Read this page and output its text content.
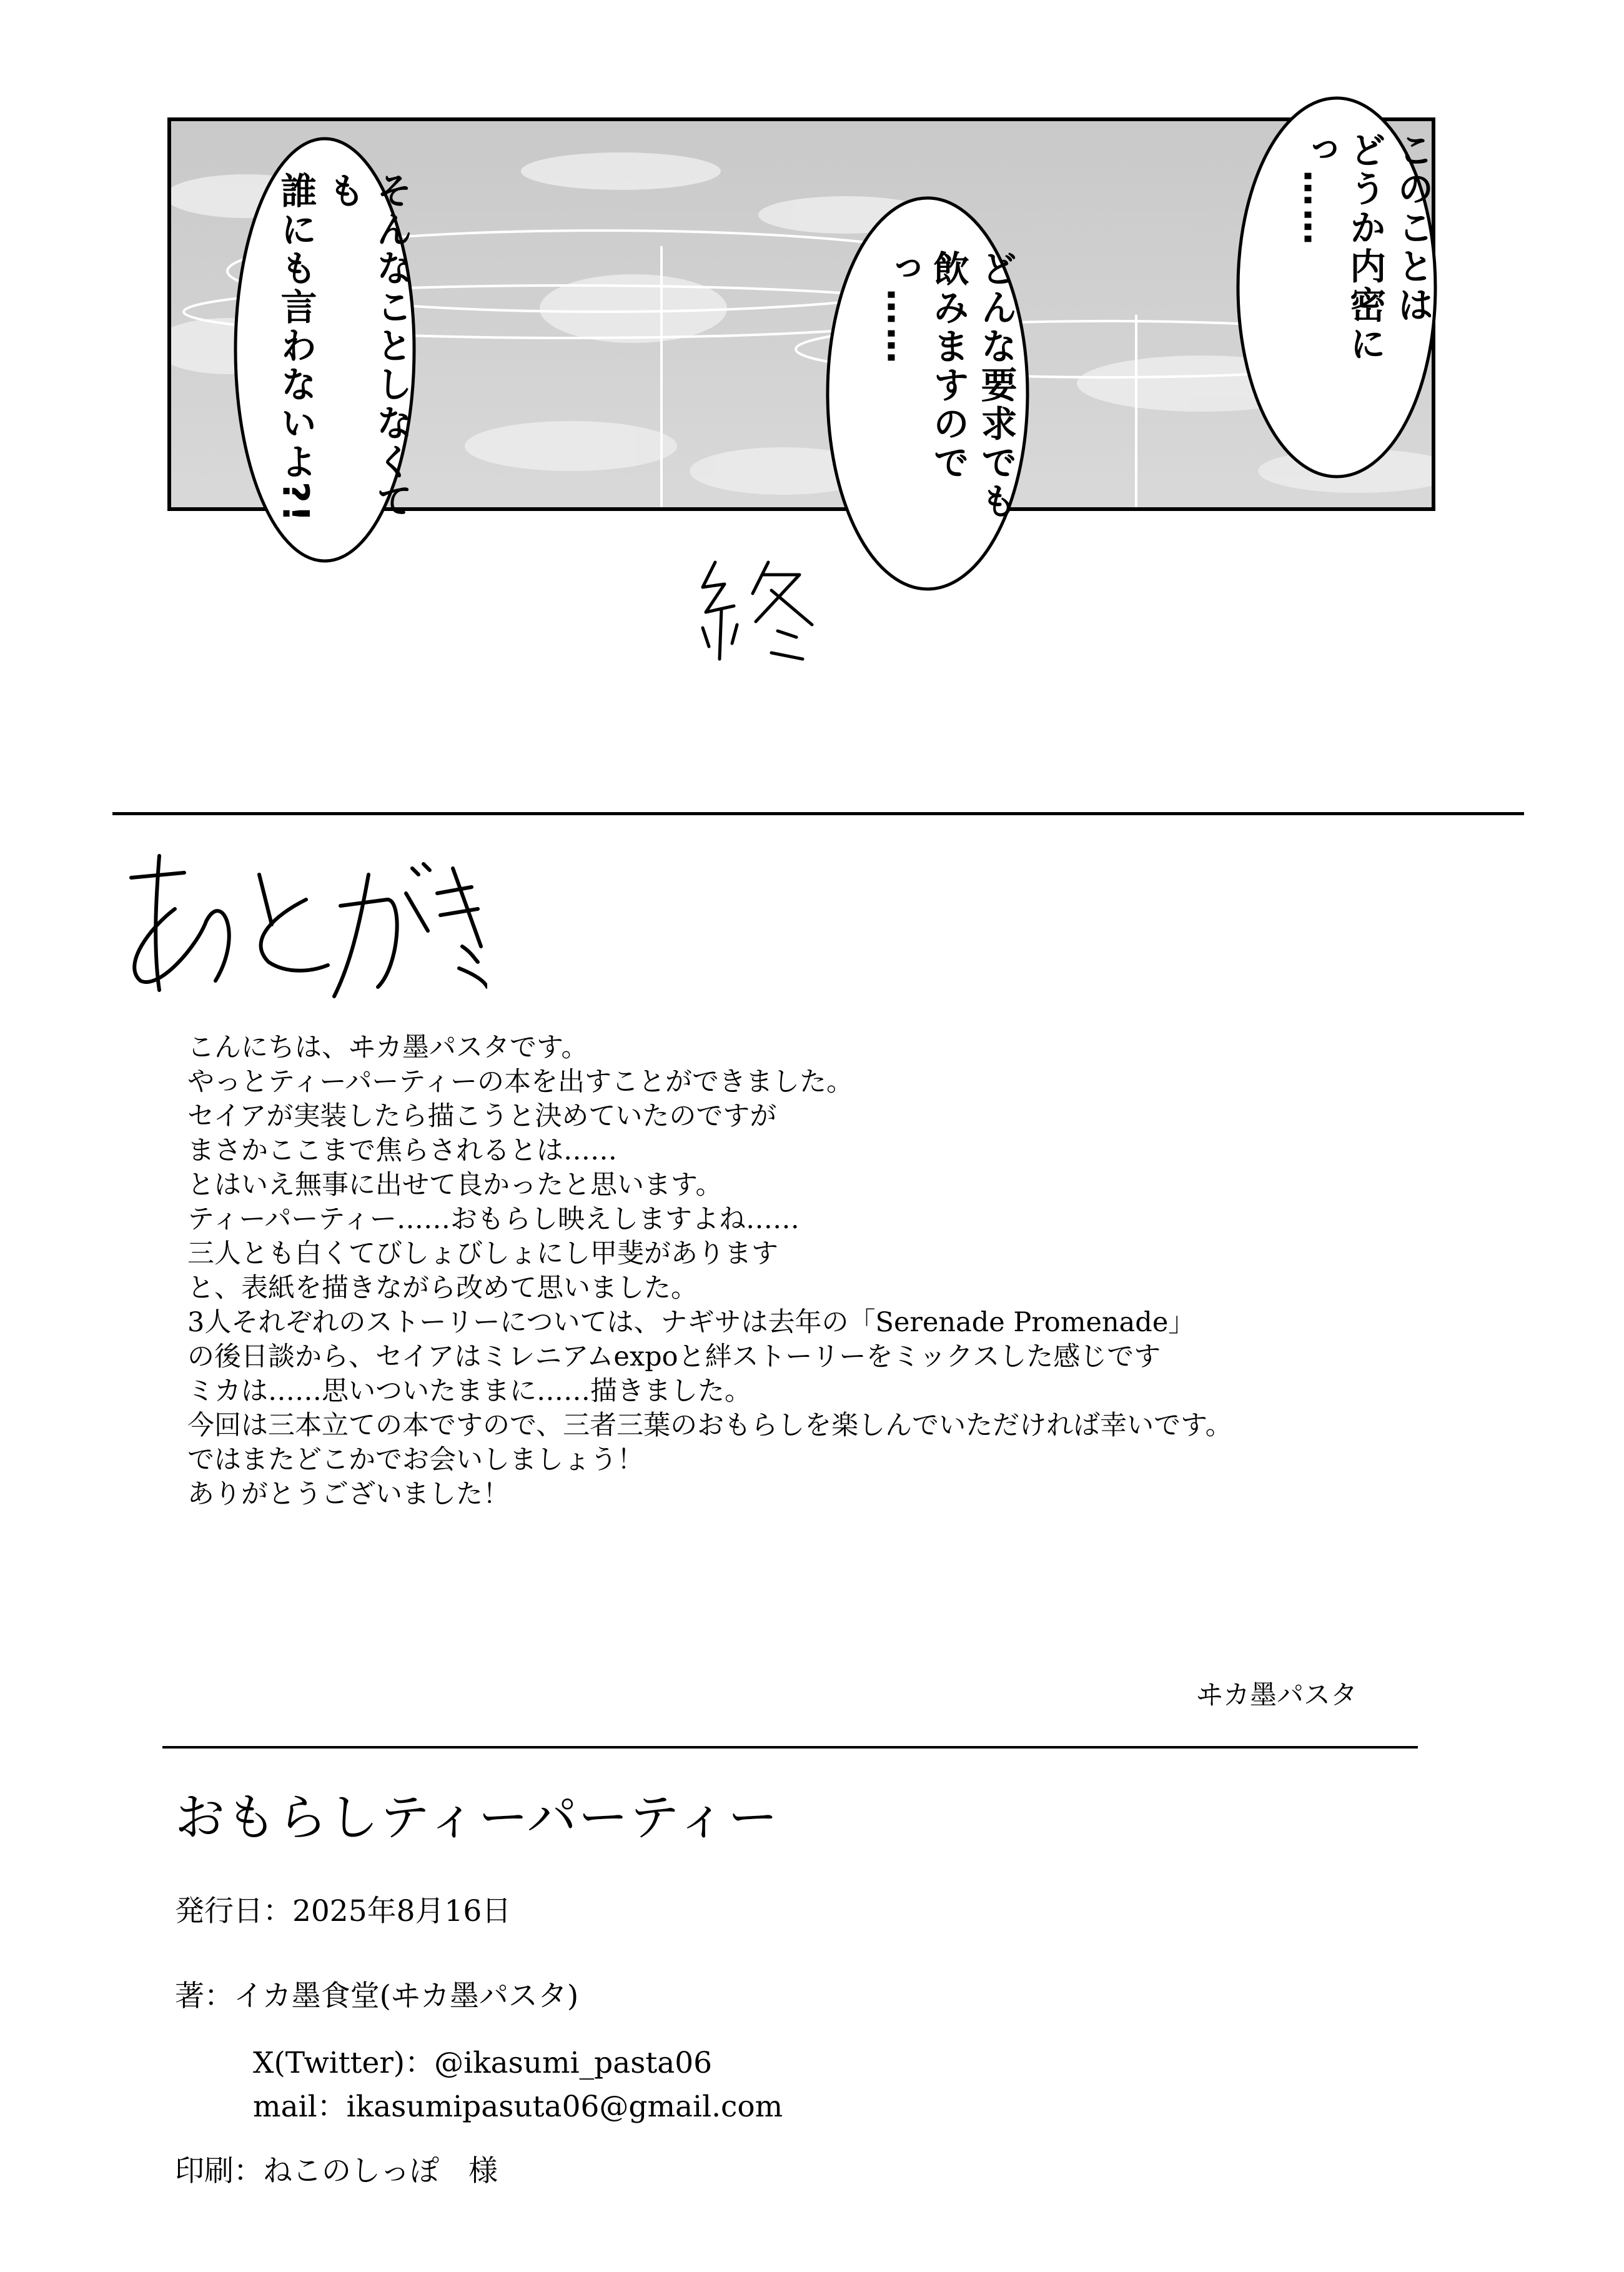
そんなことしなくても
誰にも言わないよ?!	どんな要求でも
飲みますのでっ……	このことは
どうか内密にっ……

こんにちは、ヰカ墨パスタです。

やっとティーパーティーの本を出すことができました。

セイアが実装したら描こうと決めていたのですが

まさかここまで焦らされるとは……

とはいえ無事に出せて良かったと思います。

ティーパーティー……おもらし映えしますよね……

三人とも白くてびしょびしょにし甲斐があります

と、表紙を描きながら改めて思いました。

3人それぞれのストーリーについては、ナギサは去年の「Serenade Promenade」

の後日談から、セイアはミレニアムexpoと絆ストーリーをミックスした感じです

ミカは……思いついたままに……描きました。

今回は三本立ての本ですので、三者三葉のおもらしを楽しんでいただければ幸いです。

ではまたどこかでお会いしましょう！

ありがとうございました！

ヰカ墨パスタ
おもらしティーパーティー
発行日：2025年8月16日
著：イカ墨食堂(ヰカ墨パスタ)
X(Twitter)：@ikasumi_pasta06
mail：ikasumipasuta06@gmail.com
印刷：ねこのしっぽ　様
